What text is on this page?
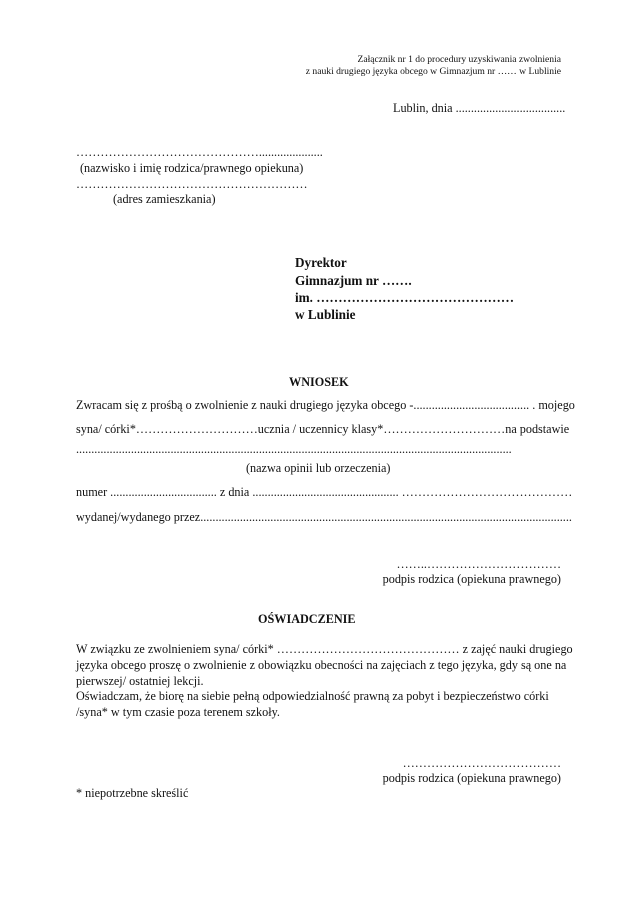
Załącznik nr 1 do procedury uzyskiwania zwolnienia
z nauki drugiego języka obcego w Gimnazjum nr …… w Lublinie
Lublin, dnia ....................................
……………………………………….....................
(nazwisko i imię rodzica/prawnego opiekuna)
…………………………………………………
(adres zamieszkania)
Dyrektor
Gimnazjum nr …….
im. ………………………………………
w Lublinie
WNIOSEK
Zwracam się z prośbą o zwolnienie z nauki drugiego języka obcego - ...................................... . mojego
syna/ córki*………………………… ucznia / uczennicy klasy* ………………………… na podstawie
...............................................................................................................................................
(nazwa opinii lub orzeczenia)
numer ................................... z dnia ................................................ ……………………………………
wydanej/wydanego przez ..........................................................................................................................
……..……………………………
podpis rodzica (opiekuna prawnego)
OŚWIADCZENIE
W związku ze zwolnieniem syna/ córki* ……………………………………… z zajęć nauki drugiego
języka obcego proszę o zwolnienie z obowiązku obecności na zajęciach z tego języka, gdy są one na
pierwszej/ ostatniej lekcji.
Oświadczam, że biorę na siebie pełną odpowiedzialność prawną za pobyt i bezpieczeństwo córki
/syna* w tym czasie poza terenem szkoły.
…………………………………
podpis rodzica (opiekuna prawnego)
* niepotrzebne skreślić
